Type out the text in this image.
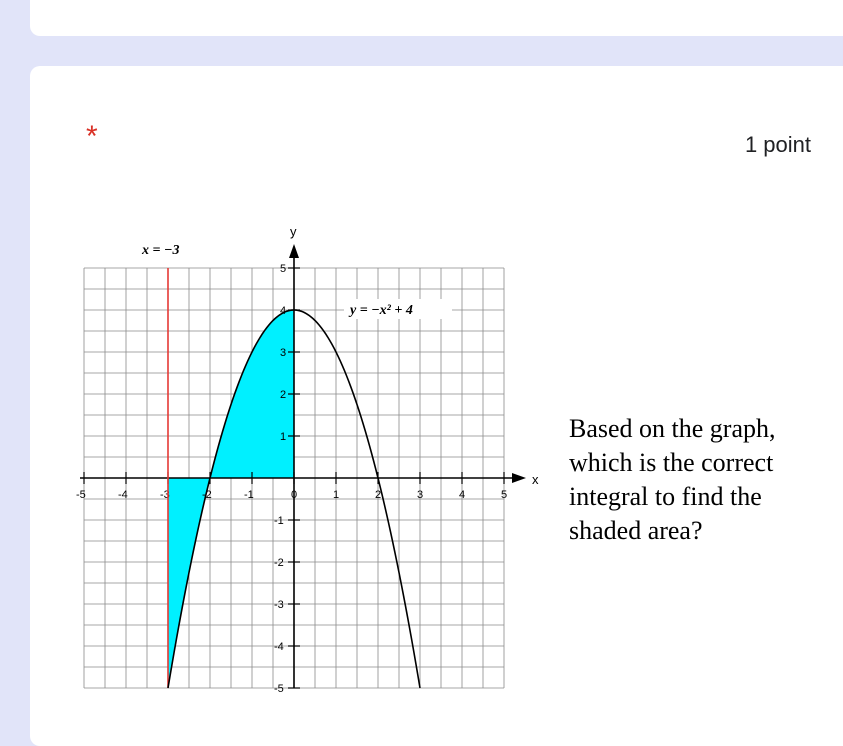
*	1 point
-5	-4	-3	-2	-1	0	1	2	3	4	5
5
4
3
2
1
-1
-2
-3
-4
-5
x = −3
y = −x² + 4
x
y
Based on the graph,
which is the correct
integral to find the
shaded area?
